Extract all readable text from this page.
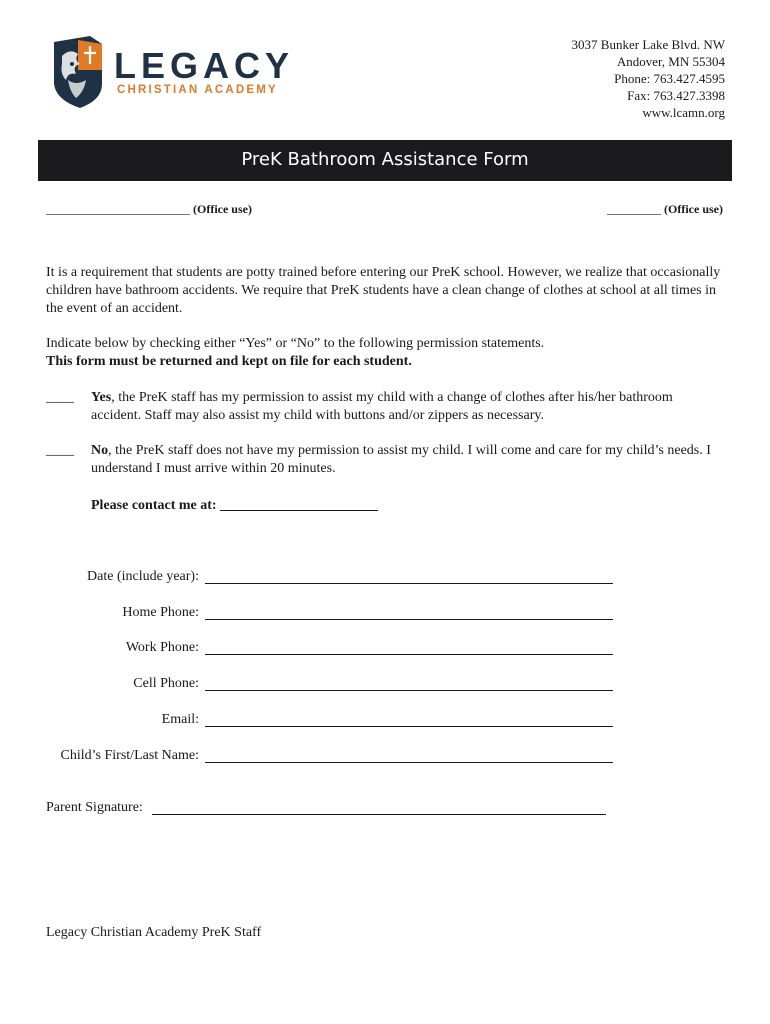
LEGACY
CHRISTIAN ACADEMY
3037 Bunker Lake Blvd. NW
Andover, MN 55304
Phone: 763.427.4595
Fax: 763.427.3398
www.lcamn.org
PreK Bathroom Assistance Form
________________________ (Office use)	_________ (Office use)
It is a requirement that students are potty trained before entering our PreK school. However, we realize that occasionally children have bathroom accidents. We require that PreK students have a clean change of clothes at school at all times in the event of an accident.
Indicate below by checking either “Yes” or “No” to the following permission statements.
This form must be returned and kept on file for each student.
____ Yes, the PreK staff has my permission to assist my child with a change of clothes after his/her bathroom accident. Staff may also assist my child with buttons and/or zippers as necessary.
____ No, the PreK staff does not have my permission to assist my child. I will come and care for my child’s needs. I understand I must arrive within 20 minutes.
Please contact me at:
Date (include year):
Home Phone:
Work Phone:
Cell Phone:
Email:
Child’s First/Last Name:
Parent Signature:
Legacy Christian Academy PreK Staff
